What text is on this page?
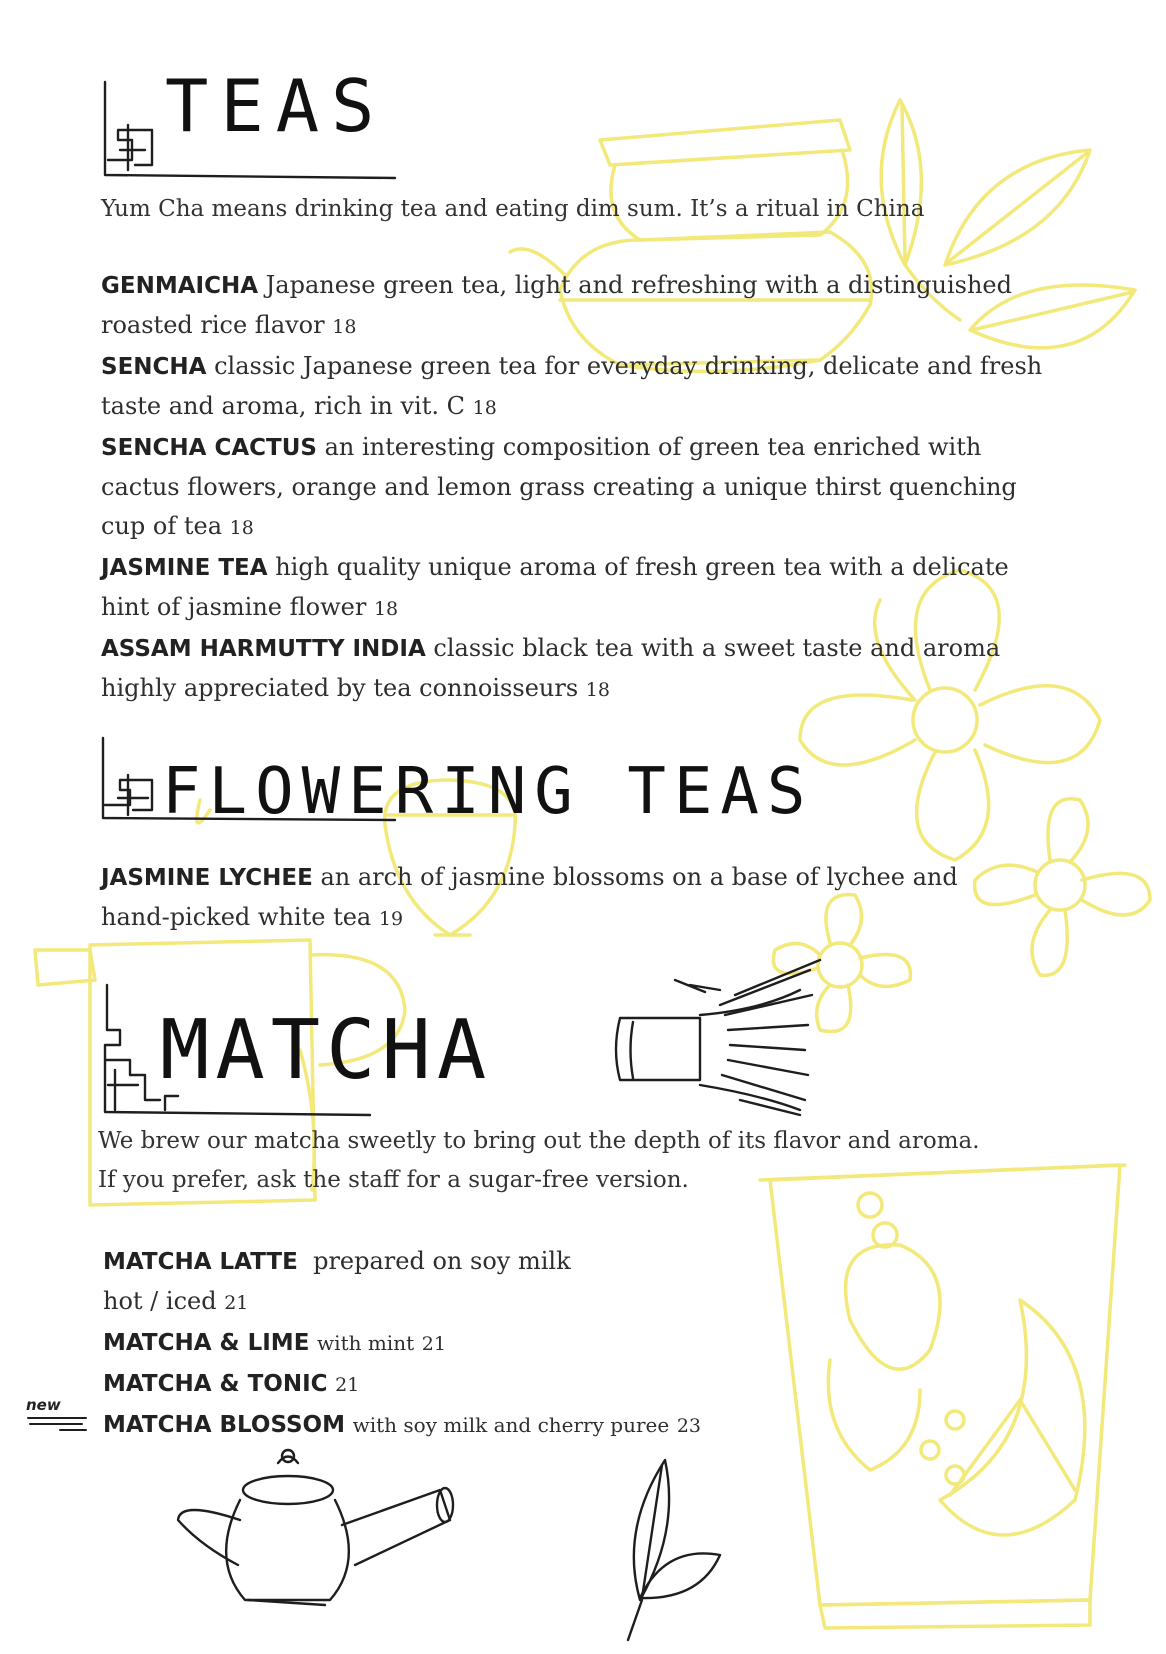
TEAS

Yum Cha means drinking tea and eating dim sum. It’s a ritual in China

GENMAICHA Japanese green tea, light and refreshing with a distinguished roasted rice flavor 18
SENCHA classic Japanese green tea for everyday drinking, delicate and fresh taste and aroma, rich in vit. C 18
SENCHA CACTUS an interesting composition of green tea enriched with cactus flowers, orange and lemon grass creating a unique thirst quenching cup of tea 18
JASMINE TEA high quality unique aroma of fresh green tea with a delicate hint of jasmine flower 18
ASSAM HARMUTTY INDIA classic black tea with a sweet taste and aroma highly appreciated by tea connoisseurs 18
FLOWERING TEAS
JASMINE LYCHEE an arch of jasmine blossoms on a base of lychee and hand-picked white tea 19
MATCHA

We brew our matcha sweetly to bring out the depth of its flavor and aroma.

If you prefer, ask the staff for a sugar-free version.

MATCHA LATTE prepared on soy milk
hot / iced 21
MATCHA & LIME with mint 21
MATCHA & TONIC 21
MATCHA BLOSSOM with soy milk and cherry puree 23
new
